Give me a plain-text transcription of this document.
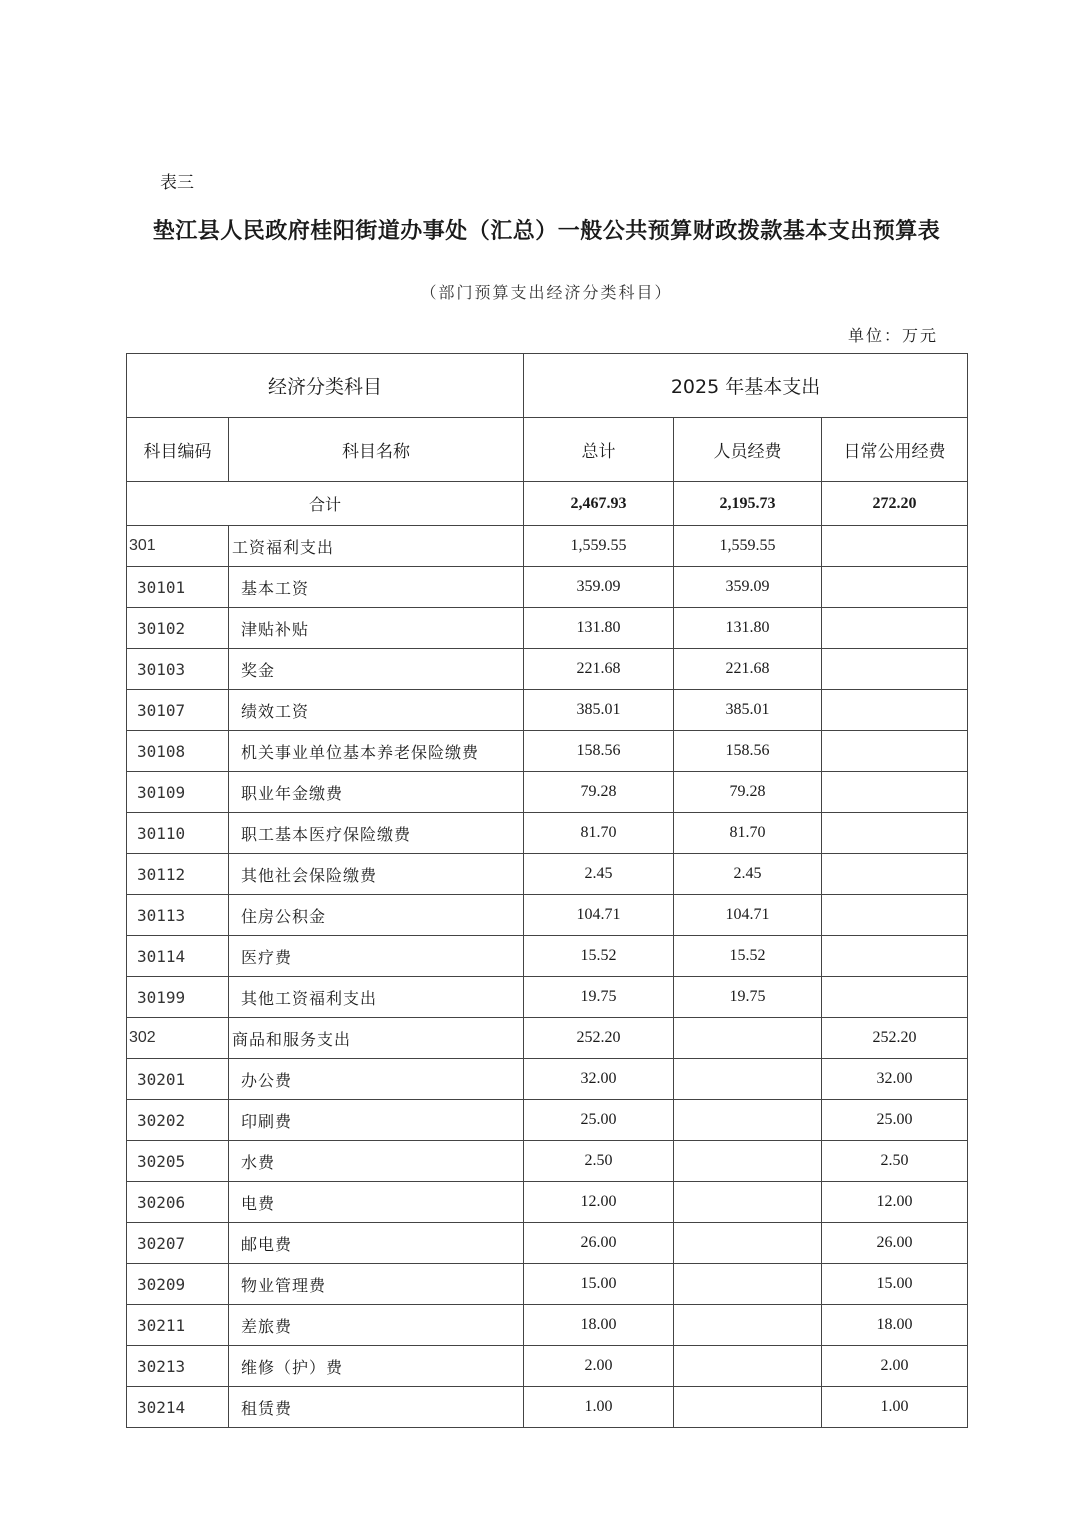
表三
垫江县人民政府桂阳街道办事处（汇总）一般公共预算财政拨款基本支出预算表
（部门预算支出经济分类科目）
单位：万元
经济分类科目		2025 年基本支出		
科目编码	科目名称	总计	人员经费	日常公用经费
合计		2,467.93	2,195.73	272.20
301	工资福利支出	1,559.55	1,559.55	
30101	基本工资	359.09	359.09	
30102	津贴补贴	131.80	131.80	
30103	奖金	221.68	221.68	
30107	绩效工资	385.01	385.01	
30108	机关事业单位基本养老保险缴费	158.56	158.56	
30109	职业年金缴费	79.28	79.28	
30110	职工基本医疗保险缴费	81.70	81.70	
30112	其他社会保险缴费	2.45	2.45	
30113	住房公积金	104.71	104.71	
30114	医疗费	15.52	15.52	
30199	其他工资福利支出	19.75	19.75	
302	商品和服务支出	252.20		252.20
30201	办公费	32.00		32.00
30202	印刷费	25.00		25.00
30205	水费	2.50		2.50
30206	电费	12.00		12.00
30207	邮电费	26.00		26.00
30209	物业管理费	15.00		15.00
30211	差旅费	18.00		18.00
30213	维修（护）费	2.00		2.00
30214	租赁费	1.00		1.00
